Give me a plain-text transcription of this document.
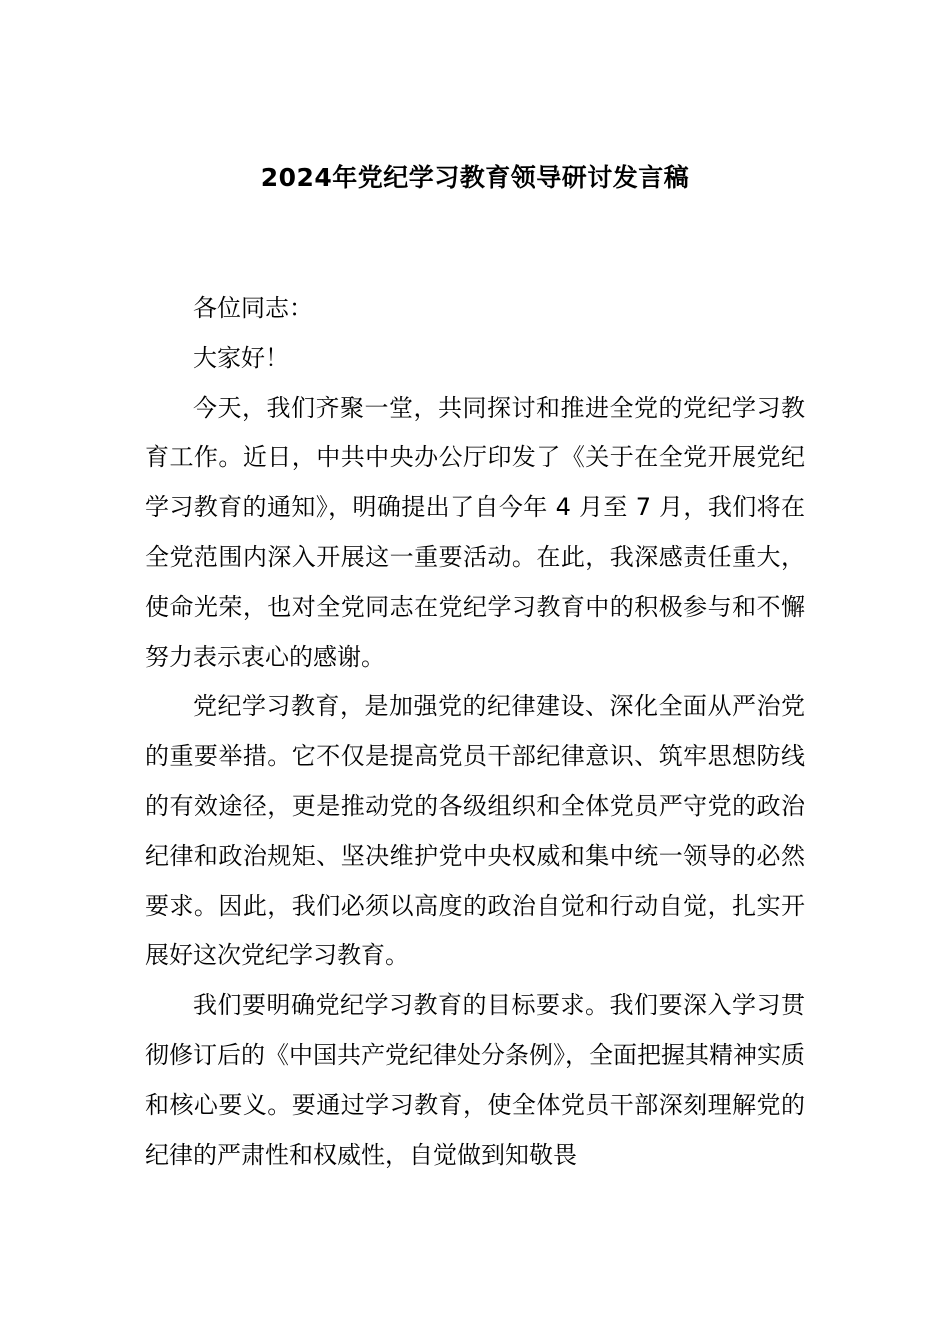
2024年党纪学习教育领导研讨发言稿

各位同志：

大家好！

今天，我们齐聚一堂，共同探讨和推进全党的党纪学习教育工作。近日，中共中央办公厅印发了《关于在全党开展党纪学习教育的通知》，明确提出了自今年 4 月至 7 月，我们将在全党范围内深入开展这一重要活动。在此，我深感责任重大，使命光荣，也对全党同志在党纪学习教育中的积极参与和不懈努力表示衷心的感谢。

党纪学习教育，是加强党的纪律建设、深化全面从严治党的重要举措。它不仅是提高党员干部纪律意识、筑牢思想防线的有效途径，更是推动党的各级组织和全体党员严守党的政治纪律和政治规矩、坚决维护党中央权威和集中统一领导的必然要求。因此，我们必须以高度的政治自觉和行动自觉，扎实开展好这次党纪学习教育。

我们要明确党纪学习教育的目标要求。我们要深入学习贯彻修订后的《中国共产党纪律处分条例》，全面把握其精神实质和核心要义。要通过学习教育，使全体党员干部深刻理解党的纪律的严肃性和权威性，自觉做到知敬畏
